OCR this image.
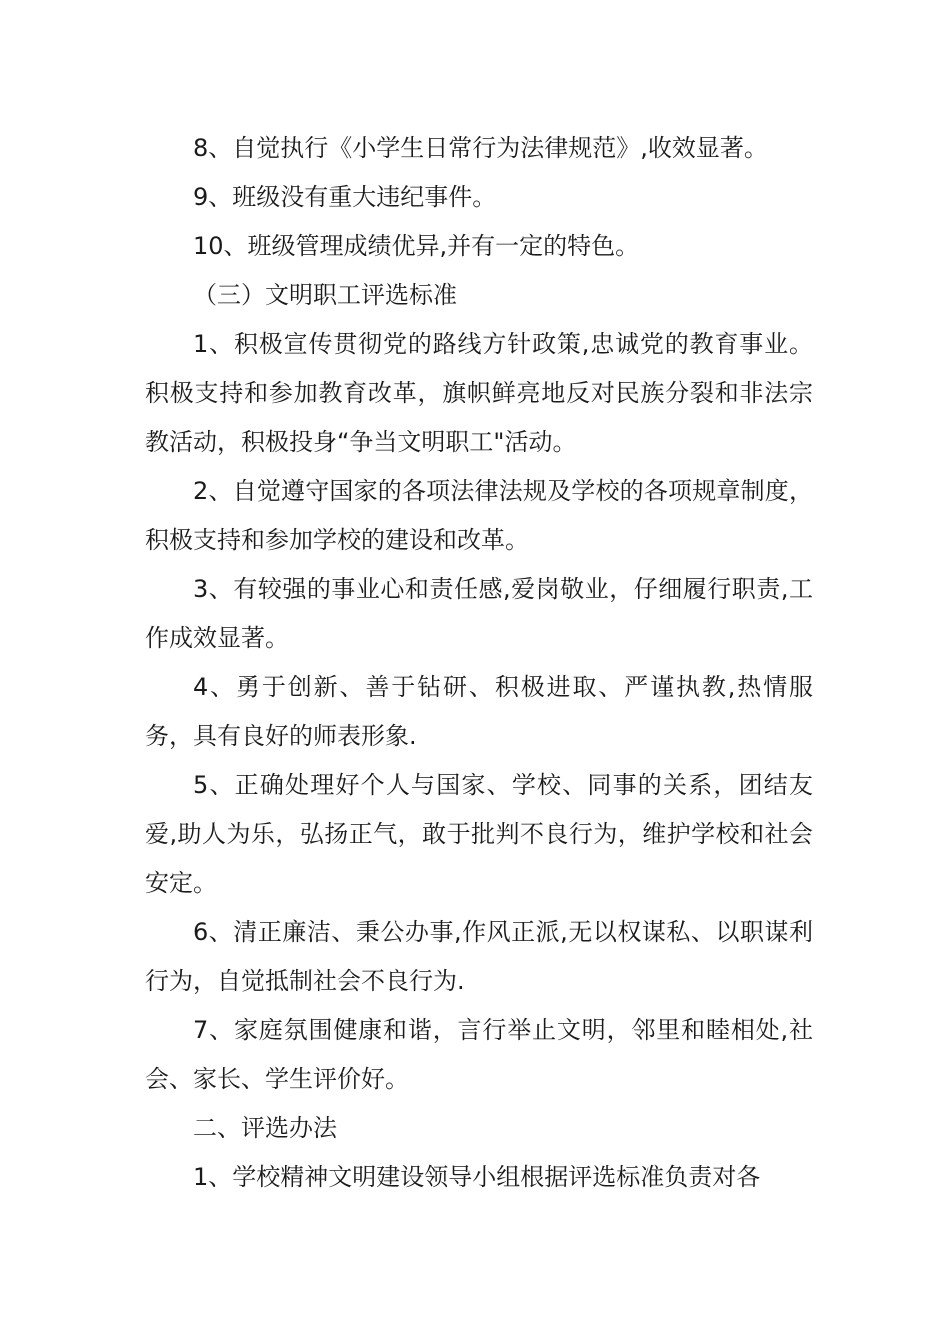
8、自觉执行《小学生日常行为法律规范》,收效显著。

9、班级没有重大违纪事件。

10、班级管理成绩优异,并有一定的特色。

（三）文明职工评选标准

1、积极宣传贯彻党的路线方针政策,忠诚党的教育事业。积极支持和参加教育改革，旗帜鲜亮地反对民族分裂和非法宗教活动，积极投身“争当文明职工"活动。

2、自觉遵守国家的各项法律法规及学校的各项规章制度，积极支持和参加学校的建设和改革。

3、有较强的事业心和责任感,爱岗敬业，仔细履行职责,工作成效显著。

4、勇于创新、善于钻研、积极进取、严谨执教,热情服务，具有良好的师表形象.

5、正确处理好个人与国家、学校、同事的关系，团结友爱,助人为乐，弘扬正气，敢于批判不良行为，维护学校和社会安定。

6、清正廉洁、秉公办事,作风正派,无以权谋私、以职谋利行为，自觉抵制社会不良行为.

7、家庭氛围健康和谐，言行举止文明，邻里和睦相处,社会、家长、学生评价好。

二、评选办法

1、学校精神文明建设领导小组根据评选标准负责对各
